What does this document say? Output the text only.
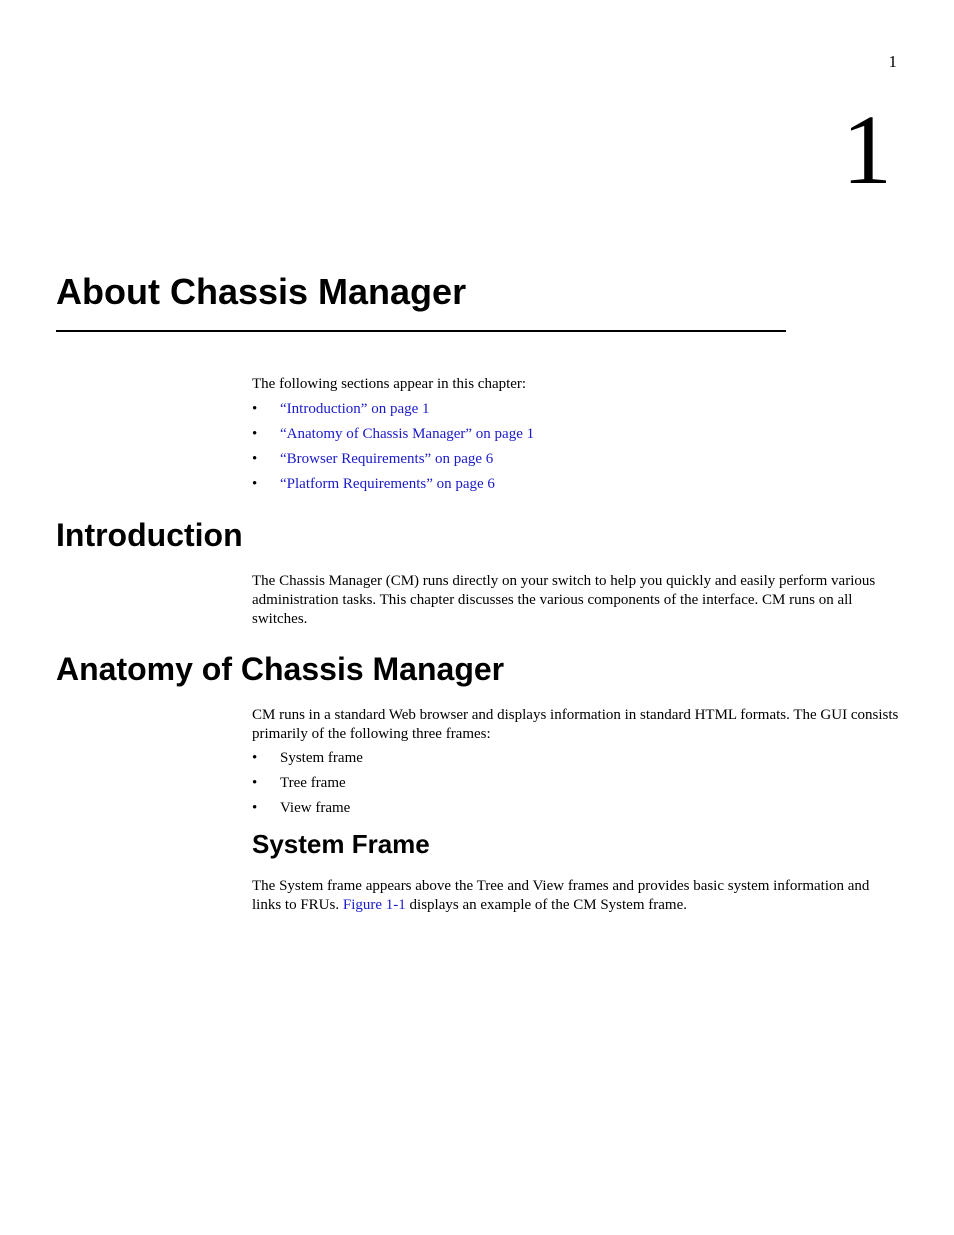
1
1
About Chassis Manager

The following sections appear in this chapter:

• “Introduction” on page 1
• “Anatomy of Chassis Manager” on page 1
• “Browser Requirements” on page 6
• “Platform Requirements” on page 6
Introduction

The Chassis Manager (CM) runs directly on your switch to help you quickly and easily perform various administration tasks. This chapter discusses the various components of the interface. CM runs on all switches.

Anatomy of Chassis Manager

CM runs in a standard Web browser and displays information in standard HTML formats. The GUI consists primarily of the following three frames:

• System frame
• Tree frame
• View frame
System Frame

The System frame appears above the Tree and View frames and provides basic system information and links to FRUs. Figure 1-1 displays an example of the CM System frame.
